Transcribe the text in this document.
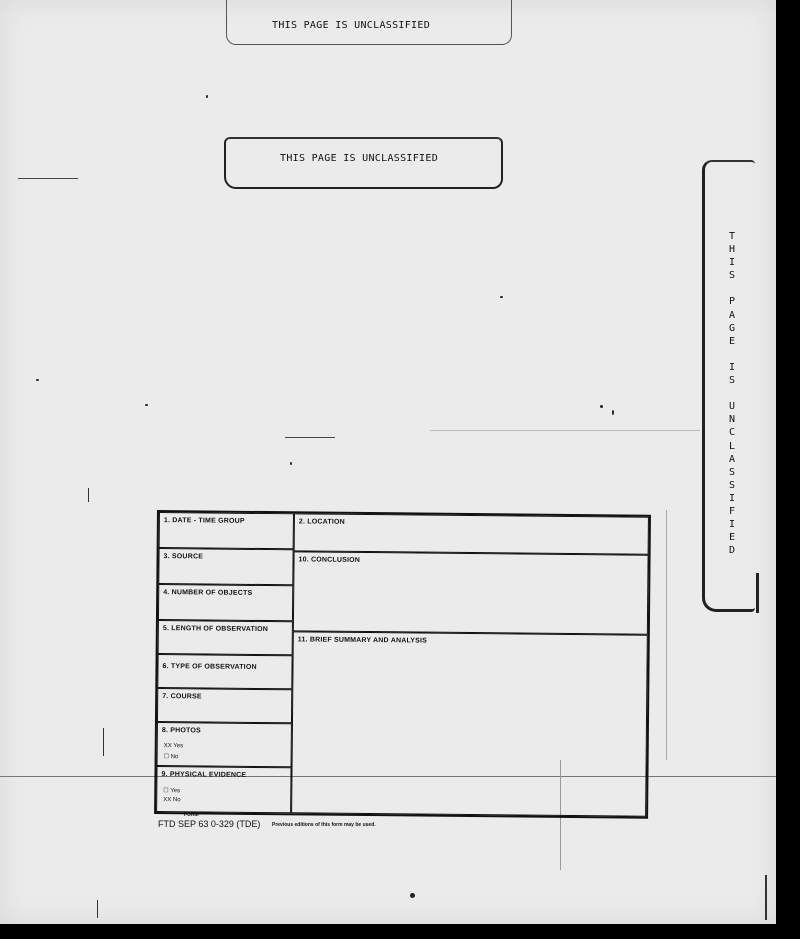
THIS PAGE IS UNCLASSIFIED
THIS PAGE IS UNCLASSIFIED
T
H
I
S

P
A
G
E

I
S

U
N
C
L
A
S
S
I
F
I
E
D
1. DATE - TIME GROUP
3. SOURCE
4. NUMBER OF OBJECTS
5. LENGTH OF OBSERVATION
6. TYPE OF OBSERVATION
7. COURSE
8. PHOTOS
XX Yes
☐ No
9. PHYSICAL EVIDENCE
☐ Yes
XX No
2. LOCATION
10. CONCLUSION
11. BRIEF SUMMARY AND ANALYSIS
FORM
FTD SEP 63 0-329 (TDE) Previous editions of this form may be used.
